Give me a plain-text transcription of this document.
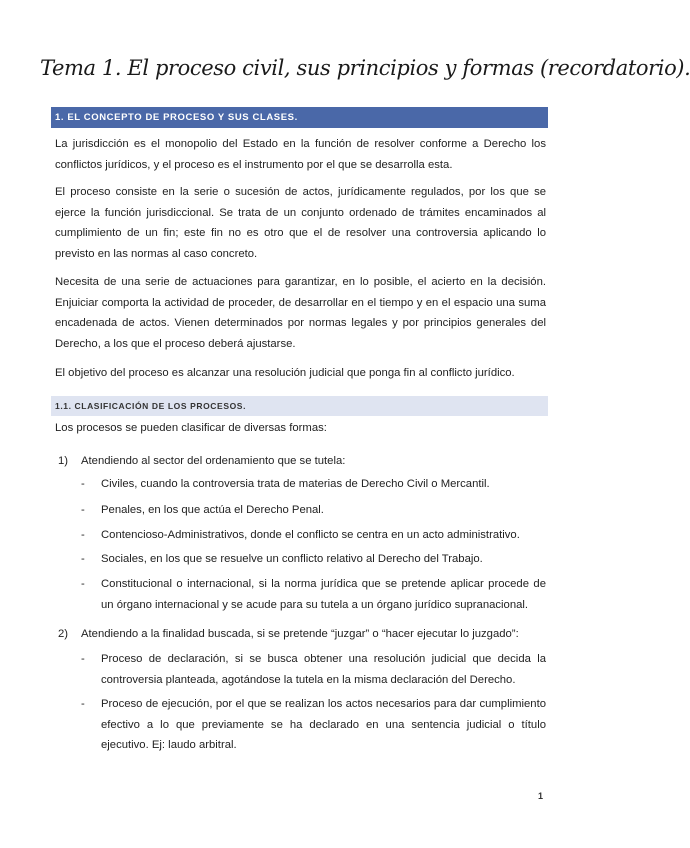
Tema 1. El proceso civil, sus principios y formas (recordatorio).
1. EL CONCEPTO DE PROCESO Y SUS CLASES.

La jurisdicción es el monopolio del Estado en la función de resolver conforme a Derecho los conflictos jurídicos, y el proceso es el instrumento por el que se desarrolla esta.

El proceso consiste en la serie o sucesión de actos, jurídicamente regulados, por los que se ejerce la función jurisdiccional. Se trata de un conjunto ordenado de trámites encaminados al cumplimiento de un fin; este fin no es otro que el de resolver una controversia aplicando lo previsto en las normas al caso concreto.

Necesita de una serie de actuaciones para garantizar, en lo posible, el acierto en la decisión. Enjuiciar comporta la actividad de proceder, de desarrollar en el tiempo y en el espacio una suma encadenada de actos. Vienen determinados por normas legales y por principios generales del Derecho, a los que el proceso deberá ajustarse.

El objetivo del proceso es alcanzar una resolución judicial que ponga fin al conflicto jurídico.

1.1. CLASIFICACIÓN DE LOS PROCESOS.

Los procesos se pueden clasificar de diversas formas:

1) Atendiendo al sector del ordenamiento que se tutela:
- Civiles, cuando la controversia trata de materias de Derecho Civil o Mercantil.
- Penales, en los que actúa el Derecho Penal.
- Contencioso-Administrativos, donde el conflicto se centra en un acto administrativo.
- Sociales, en los que se resuelve un conflicto relativo al Derecho del Trabajo.
- Constitucional o internacional, si la norma jurídica que se pretende aplicar procede de un órgano internacional y se acude para su tutela a un órgano jurídico supranacional.
2) Atendiendo a la finalidad buscada, si se pretende “juzgar” o “hacer ejecutar lo juzgado”:
- Proceso de declaración, si se busca obtener una resolución judicial que decida la controversia planteada, agotándose la tutela en la misma declaración del Derecho.
- Proceso de ejecución, por el que se realizan los actos necesarios para dar cumplimiento efectivo a lo que previamente se ha declarado en una sentencia judicial o título ejecutivo. Ej: laudo arbitral.
1
